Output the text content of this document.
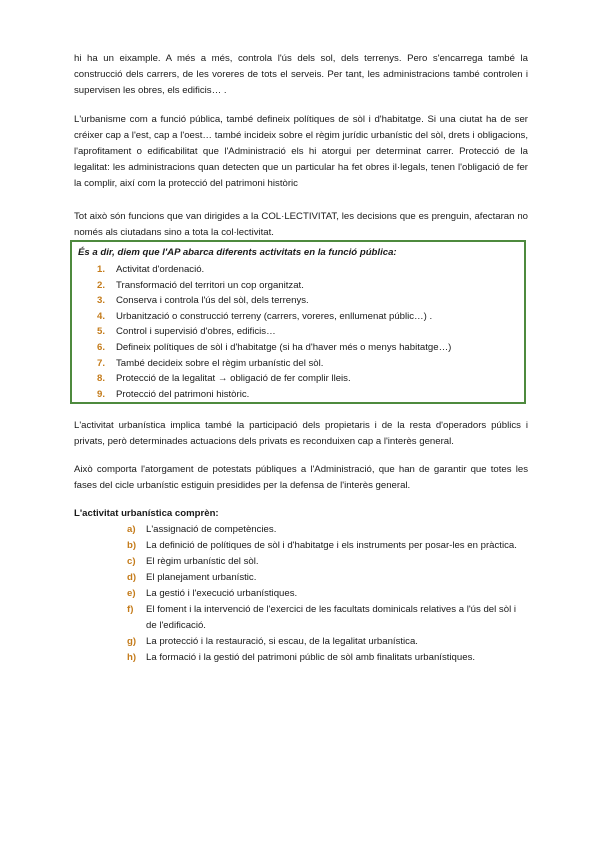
hi ha un eixample. A més a més, controla l'ús dels sol, dels terrenys. Pero s'encarrega també la construcció dels carrers, de les voreres de tots el serveis. Per tant, les administracions també controlen i supervisen les obres, els edificis… .

L'urbanisme com a funció pública, també defineix polítiques de sòl i d'habitatge. Si una ciutat ha de ser créixer cap a l'est, cap a l'oest… també incideix sobre el règim jurídic urbanístic del sòl, drets i obligacions, l'aprofitament o edificabilitat que l'Administració els hi atorgui per determinat carrer. Protecció de la legalitat: les administracions quan detecten que un particular ha fet obres il·legals, tenen l'obligació de fer la complir, així com la protecció del patrimoni històric

Tot això són funcions que van dirigides a la COL·LECTIVITAT, les decisions que es prenguin, afectaran no només als ciutadans sino a tota la col·lectivitat.

És a dir, diem que l'AP abarca diferents activitats en la funció pública:

1. Activitat d'ordenació.
2. Transformació del territori un cop organitzat.
3. Conserva i controla l'ús del sòl, dels terrenys.
4. Urbanització o construcció terreny (carrers, voreres, enllumenat públic…) .
5. Control i supervisió d'obres, edificis…
6. Defineix polítiques de sòl i d'habitatge (si ha d'haver més o menys habitatge…)
7. També decideix sobre el règim urbanístic del sòl.
8. Protecció de la legalitat → obligació de fer complir lleis.
9. Protecció del patrimoni històric.

L'activitat urbanística implica també la participació dels propietaris i de la resta d'operadors públics i privats, però determinades actuacions dels privats es reconduixen cap a l'interès general.

Això comporta l'atorgament de potestats públiques a l'Administració, que han de garantir que totes les fases del cicle urbanístic estiguin presidides per la defensa de l'interès general.

L'activitat urbanística comprèn:

a) L'assignació de competències.
b) La definició de polítiques de sòl i d'habitatge i els instruments per posar-les en pràctica.
c) El règim urbanístic del sòl.
d) El planejament urbanístic.
e) La gestió i l'execució urbanístiques.
f) El foment i la intervenció de l'exercici de les facultats dominicals relatives a l'ús del sòl i de l'edificació.
g) La protecció i la restauració, si escau, de la legalitat urbanística.
h) La formació i la gestió del patrimoni públic de sòl amb finalitats urbanístiques.
